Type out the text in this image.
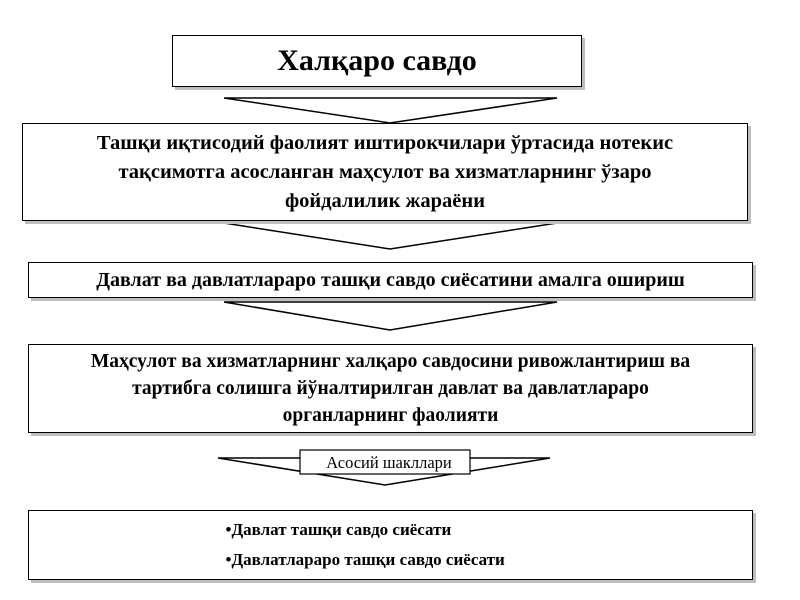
Халқаро савдо
Ташқи иқтисодий фаолият иштирокчилари ўртасида нотекис
тақсимотга асосланган маҳсулот ва хизматларнинг ўзаро
фойдалилик жараёни
Давлат ва давлатлараро ташқи савдо сиёсатини амалга ошириш
Маҳсулот ва хизматларнинг халқаро савдосини ривожлантириш ва
тартибга солишга йўналтирилган давлат ва давлатлараро
органларнинг фаолияти
Асосий шакллари
•Давлат ташқи савдо сиёсати
•Давлатлараро ташқи савдо сиёсати
